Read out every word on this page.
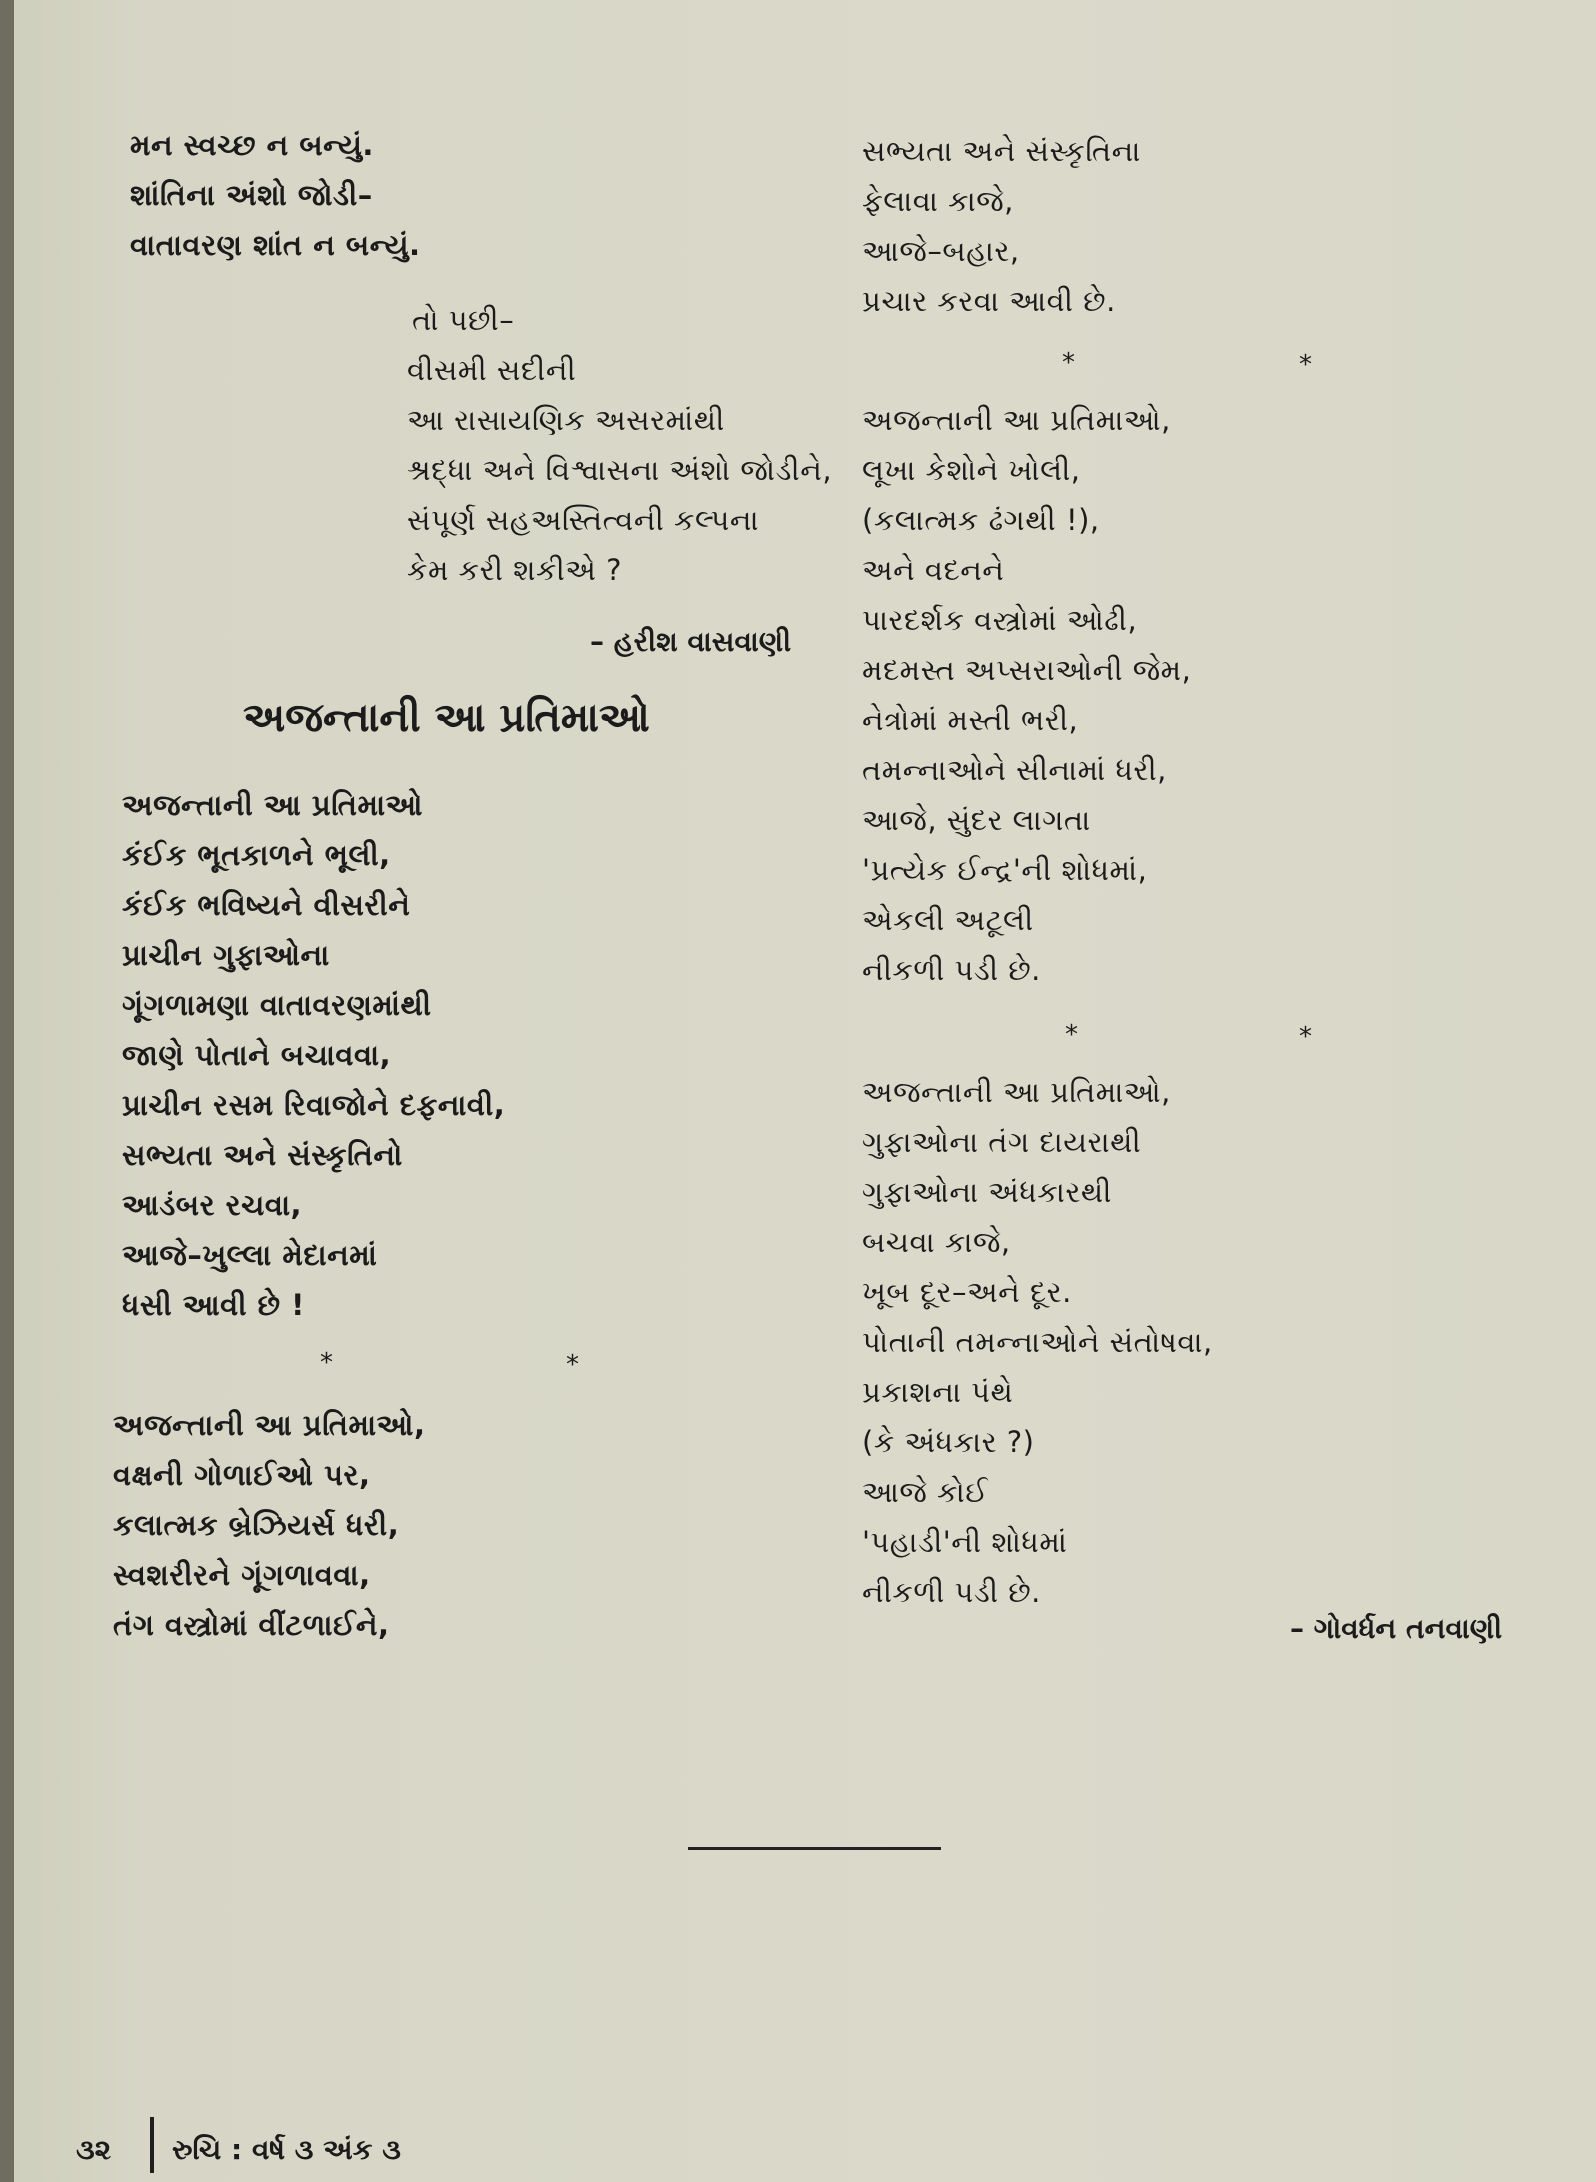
મન સ્વચ્છ ન બન્યું.
શાંતિના અંશો જોડી–
વાતાવરણ શાંત ન બન્યું.
તો પછી–
વીસમી સદીની
આ રાસાયણિક અસરમાંથી
શ્રદ્ધા અને વિશ્વાસના અંશો જોડીને,
સંપૂર્ણ સહઅસ્તિત્વની કલ્પના
કેમ કરી શકીએ ?
– હરીશ વાસવાણી
અજન્તાની આ પ્રતિમાઓ
અજન્તાની આ પ્રતિમાઓ
કંઈક ભૂતકાળને ભૂલી,
કંઈક ભવિષ્યને વીસરીને
પ્રાચીન ગુફાઓના
ગૂંગળામણા વાતાવરણમાંથી
જાણે પોતાને બચાવવા,
પ્રાચીન રસમ રિવાજોને દફનાવી,
સભ્યતા અને સંસ્કૃતિનો
આડંબર રચવા,
આજે–ખુલ્લા મેદાનમાં
ધસી આવી છે !
*	*
અજન્તાની આ પ્રતિમાઓ,
વક્ષની ગોળાઈઓ પર,
કલાત્મક બ્રેઝિયર્સ ધરી,
સ્વશરીરને ગૂંગળાવવા,
તંગ વસ્ત્રોમાં વીંટળાઈને,
સભ્યતા અને સંસ્કૃતિના
ફેલાવા કાજે,
આજે–બહાર,
પ્રચાર કરવા આવી છે.
*	*
અજન્તાની આ પ્રતિમાઓ,
લૂખા કેશોને ખોલી,
(કલાત્મક ઢંગથી !),
અને વદનને
પારદર્શક વસ્ત્રોમાં ઓઢી,
મદમસ્ત અપ્સરાઓની જેમ,
નેત્રોમાં મસ્તી ભરી,
તમન્નાઓને સીનામાં ધરી,
આજે, સુંદર લાગતા
'પ્રત્યેક ઈન્દ્ર'ની શોધમાં,
એકલી અટૂલી
નીકળી પડી છે.
*	*
અજન્તાની આ પ્રતિમાઓ,
ગુફાઓના તંગ દાયરાથી
ગુફાઓના અંધકારથી
બચવા કાજે,
ખૂબ દૂર–અને દૂર.
પોતાની તમન્નાઓને સંતોષવા,
પ્રકાશના પંથે
(કે અંધકાર ?)
આજે કોઈ
'પહાડી'ની શોધમાં
નીકળી પડી છે.
– ગોવર્ધન તનવાણી
૩૨ રુચિ : વર્ષ ૩ અંક ૩
